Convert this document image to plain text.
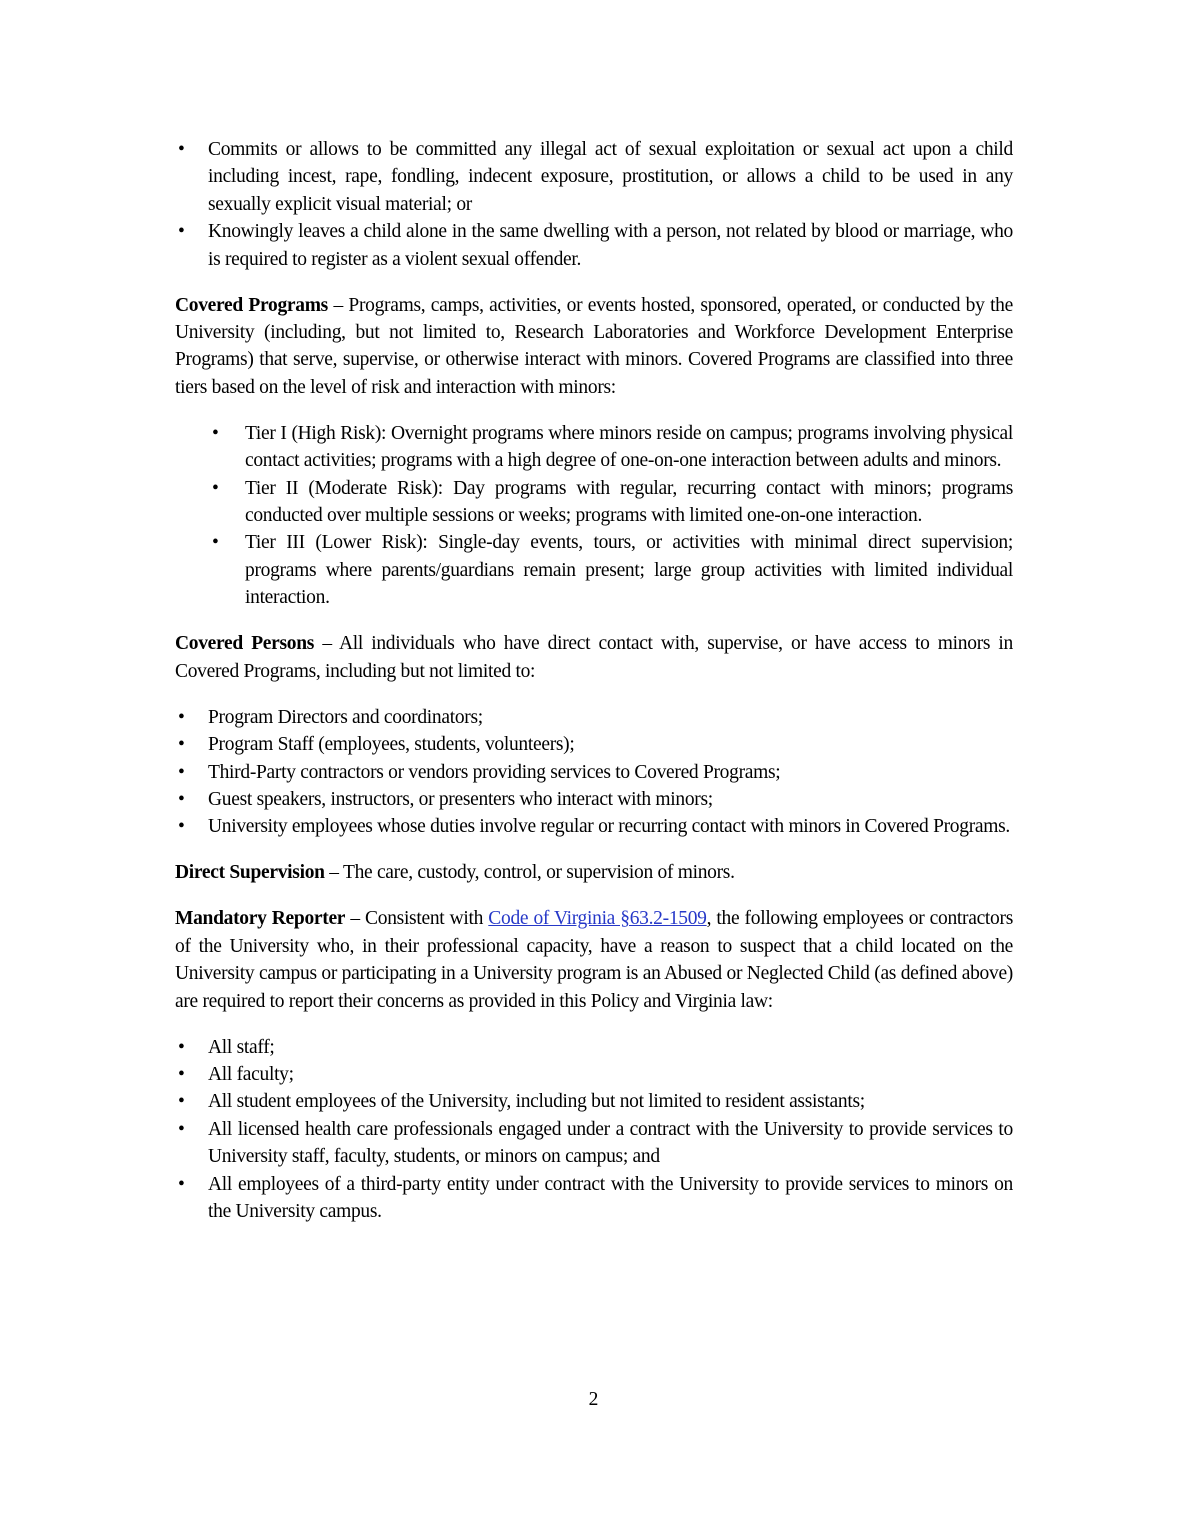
• Commits or allows to be committed any illegal act of sexual exploitation or sexual act upon a child including incest, rape, fondling, indecent exposure, prostitution, or allows a child to be used in any sexually explicit visual material; or
• Knowingly leaves a child alone in the same dwelling with a person, not related by blood or marriage, who is required to register as a violent sexual offender.
Covered Programs – Programs, camps, activities, or events hosted, sponsored, operated, or conducted by the University (including, but not limited to, Research Laboratories and Workforce Development Enterprise Programs) that serve, supervise, or otherwise interact with minors. Covered Programs are classified into three tiers based on the level of risk and interaction with minors:
• Tier I (High Risk): Overnight programs where minors reside on campus; programs involving physical contact activities; programs with a high degree of one-on-one interaction between adults and minors.
• Tier II (Moderate Risk): Day programs with regular, recurring contact with minors; programs conducted over multiple sessions or weeks; programs with limited one-on-one interaction.
• Tier III (Lower Risk): Single-day events, tours, or activities with minimal direct supervision; programs where parents/guardians remain present; large group activities with limited individual interaction.
Covered Persons – All individuals who have direct contact with, supervise, or have access to minors in Covered Programs, including but not limited to:
• Program Directors and coordinators;
• Program Staff (employees, students, volunteers);
• Third-Party contractors or vendors providing services to Covered Programs;
• Guest speakers, instructors, or presenters who interact with minors;
• University employees whose duties involve regular or recurring contact with minors in Covered Programs.
Direct Supervision – The care, custody, control, or supervision of minors.
Mandatory Reporter – Consistent with Code of Virginia §63.2-1509, the following employees or contractors of the University who, in their professional capacity, have a reason to suspect that a child located on the University campus or participating in a University program is an Abused or Neglected Child (as defined above) are required to report their concerns as provided in this Policy and Virginia law:
• All staff;
• All faculty;
• All student employees of the University, including but not limited to resident assistants;
• All licensed health care professionals engaged under a contract with the University to provide services to University staff, faculty, students, or minors on campus; and
• All employees of a third-party entity under contract with the University to provide services to minors on the University campus.
2
